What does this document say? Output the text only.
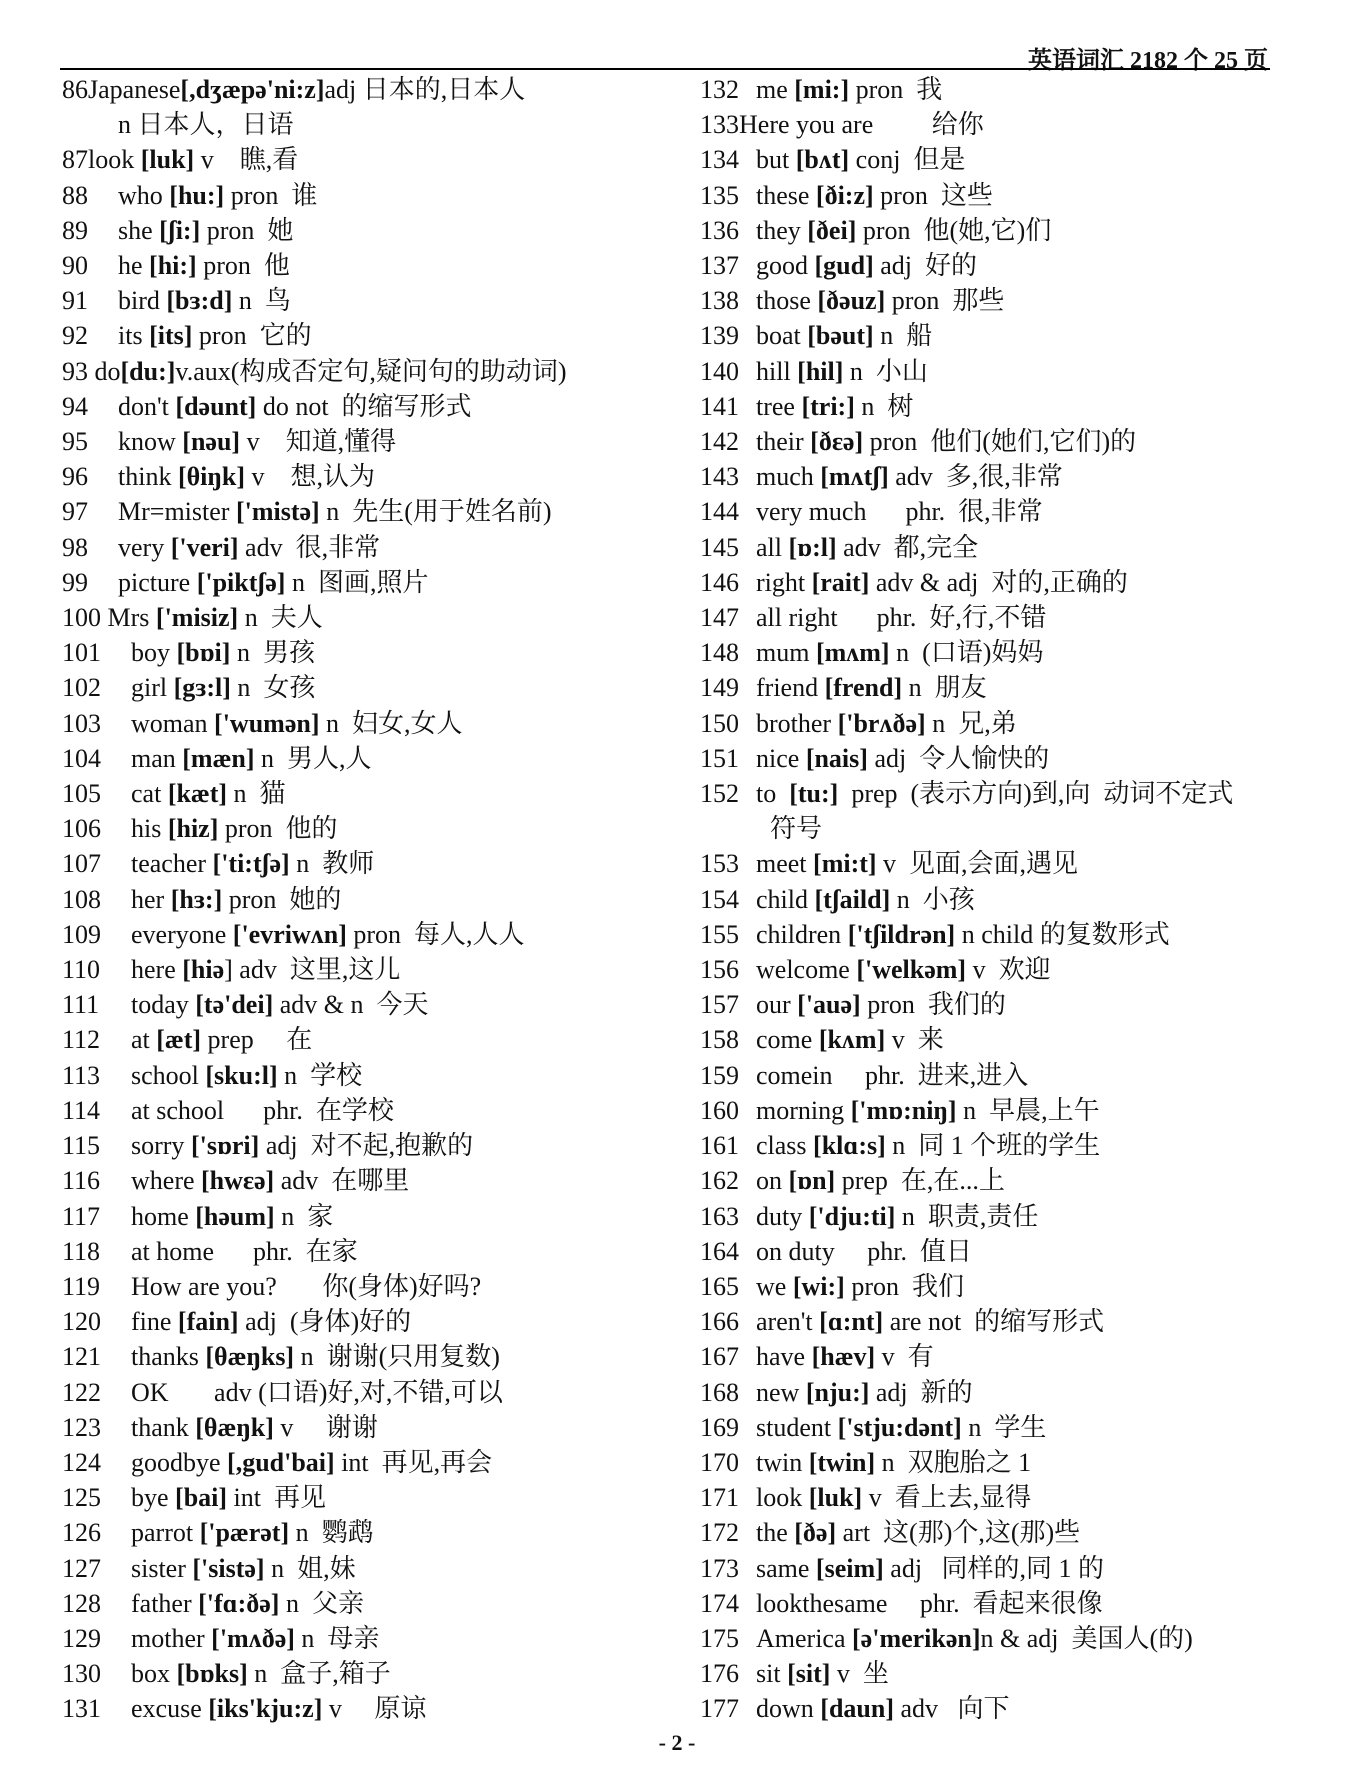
英语词汇 2182 个 25 页
86Japanese[,dʒæpə'ni:z]adj 日本的,日本人
n 日本人，日语
87look [luk] v    瞧,看
88 who [hu:] pron  谁
89 she [ʃi:] pron  她
90 he [hi:] pron  他
91 bird [bɜ:d] n  鸟
92 its [its] pron  它的
93 do[du:]v.aux(构成否定句,疑问句的助动词)
94 don't [dəunt] do not  的缩写形式
95 know [nəu] v    知道,懂得
96 think [θiŋk] v    想,认为
97 Mr=mister ['mistə] n  先生(用于姓名前)
98 very ['veri] adv  很,非常
99 picture ['piktʃə] n  图画,照片
100 Mrs ['misiz] n  夫人
101  boy [bɒi] n  男孩
102  girl [gɜ:l] n  女孩
103  woman ['wumən] n  妇女,女人
104  man [mæn] n  男人,人
105  cat [kæt] n  猫
106  his [hiz] pron  他的
107  teacher ['ti:tʃə] n  教师
108  her [hɜ:] pron  她的
109  everyone ['evriwʌn] pron  每人,人人
110  here [hiə] adv  这里,这儿
111  today [tə'dei] adv & n  今天
112  at [æt] prep     在
113  school [sku:l] n  学校
114  at school      phr.  在学校
115  sorry ['sɒri] adj  对不起,抱歉的
116  where [hwɛə] adv  在哪里
117  home [həum] n  家
118  at home      phr.  在家
119  How are you?       你(身体)好吗?
120  fine [fain] adj  (身体)好的
121  thanks [θæŋks] n  谢谢(只用复数)
122  OK       adv (口语)好,对,不错,可以
123  thank [θæŋk] v     谢谢
124  goodbye [,gud'bai] int  再见,再会
125  bye [bai] int  再见
126  parrot ['pærət] n  鹦鹉
127  sister ['sistə] n  姐,妹
128  father ['fɑ:ðə] n  父亲
129  mother ['mʌðə] n  母亲
130  box [bɒks] n  盒子,箱子
131  excuse [iks'kju:z] v     原谅
132 me [mi:] pron  我
133Here you are         给你
134 but [bʌt] conj  但是
135 these [ði:z] pron  这些
136 they [ðei] pron  他(她,它)们
137 good [gud] adj  好的
138 those [ðəuz] pron  那些
139 boat [bəut] n  船
140 hill [hil] n  小山
141 tree [tri:] n  树
142 their [ðɛə] pron  他们(她们,它们)的
143 much [mʌtʃ] adv  多,很,非常
144 very much      phr.  很,非常
145 all [ɒ:l] adv  都,完全
146 right [rait] adv & adj  对的,正确的
147 all right      phr.  好,行,不错
148 mum [mʌm] n  (口语)妈妈
149 friend [frend] n  朋友
150 brother ['brʌðə] n  兄,弟
151 nice [nais] adj  令人愉快的
152 to  [tu:]  prep  (表示方向)到,向  动词不定式
符号
153 meet [mi:t] v  见面,会面,遇见
154 child [tʃaild] n  小孩
155 children ['tʃildrən] n child 的复数形式
156 welcome ['welkəm] v  欢迎
157 our ['auə] pron  我们的
158 come [kʌm] v  来
159 comein     phr.  进来,进入
160 morning ['mɒ:niŋ] n  早晨,上午
161 class [klɑ:s] n  同 1 个班的学生
162 on [ɒn] prep  在,在...上
163 duty ['dju:ti] n  职责,责任
164 on duty     phr.  值日
165 we [wi:] pron  我们
166 aren't [ɑ:nt] are not  的缩写形式
167 have [hæv] v  有
168 new [nju:] adj  新的
169 student ['stju:dənt] n  学生
170 twin [twin] n  双胞胎之 1
171 look [luk] v  看上去,显得
172 the [ðə] art  这(那)个,这(那)些
173 same [seim] adj   同样的,同 1 的
174 lookthesame     phr.  看起来很像
175 America [ə'merikən]n & adj  美国人(的)
176 sit [sit] v  坐
177 down [daun] adv   向下
- 2 -
